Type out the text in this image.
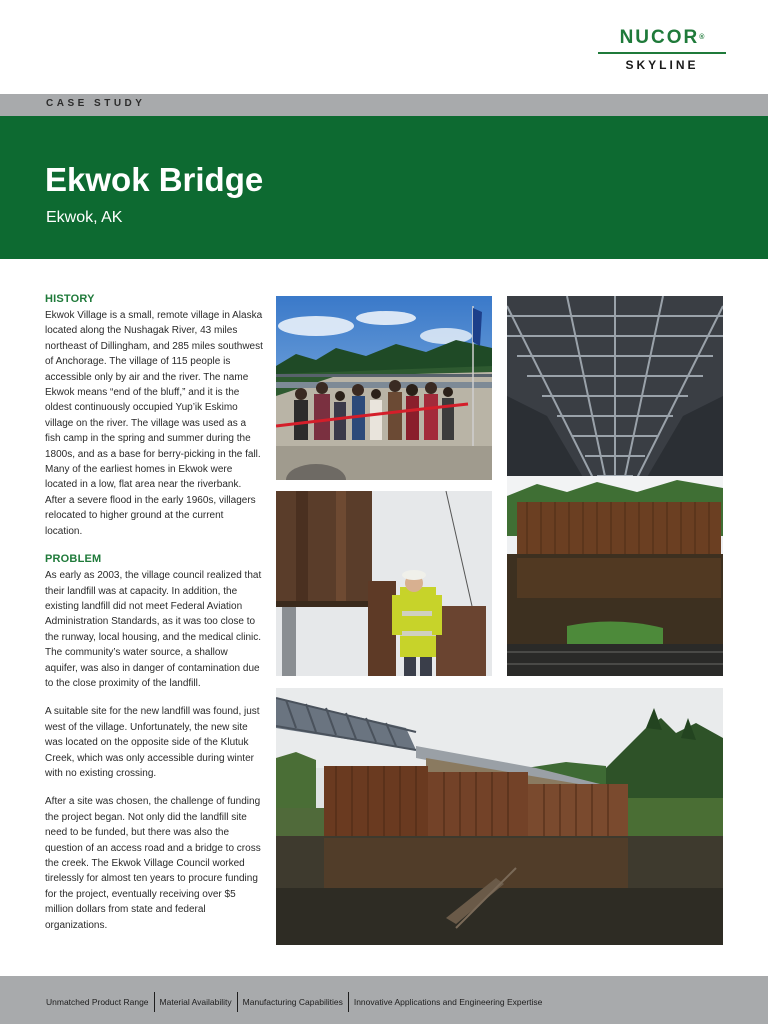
NUCOR®
SKYLINE
CASE STUDY
Ekwok Bridge
Ekwok, AK
HISTORY

Ekwok Village is a small, remote village in Alaska located along the Nushagak River, 43 miles northeast of Dillingham, and 285 miles southwest of Anchorage. The village of 115 people is accessible only by air and the river. The name Ekwok means “end of the bluff,” and it is the oldest continuously occupied Yup’ik Eskimo village on the river. The village was used as a fish camp in the spring and summer during the 1800s, and as a base for berry-picking in the fall. Many of the earliest homes in Ekwok were located in a low, flat area near the riverbank. After a severe flood in the early 1960s, villagers relocated to higher ground at the current location.

PROBLEM

As early as 2003, the village council realized that their landfill was at capacity. In addition, the existing landfill did not meet Federal Aviation Administration Standards, as it was too close to the runway, local housing, and the medical clinic. The community’s water source, a shallow aquifer, was also in danger of contamination due to the close proximity of the landfill.

A suitable site for the new landfill was found, just west of the village. Unfortunately, the new site was located on the opposite side of the Klutuk Creek, which was only accessible during winter with no existing crossing.

After a site was chosen, the challenge of funding the project began. Not only did the landfill site need to be funded, but there was also the question of an access road and a bridge to cross the creek. The Ekwok Village Council worked tirelessly for almost ten years to procure funding for the project, eventually receiving over $5 million dollars from state and federal organizations.

Unmatched Product Range Material Availability Manufacturing Capabilities Innovative Applications and Engineering Expertise
